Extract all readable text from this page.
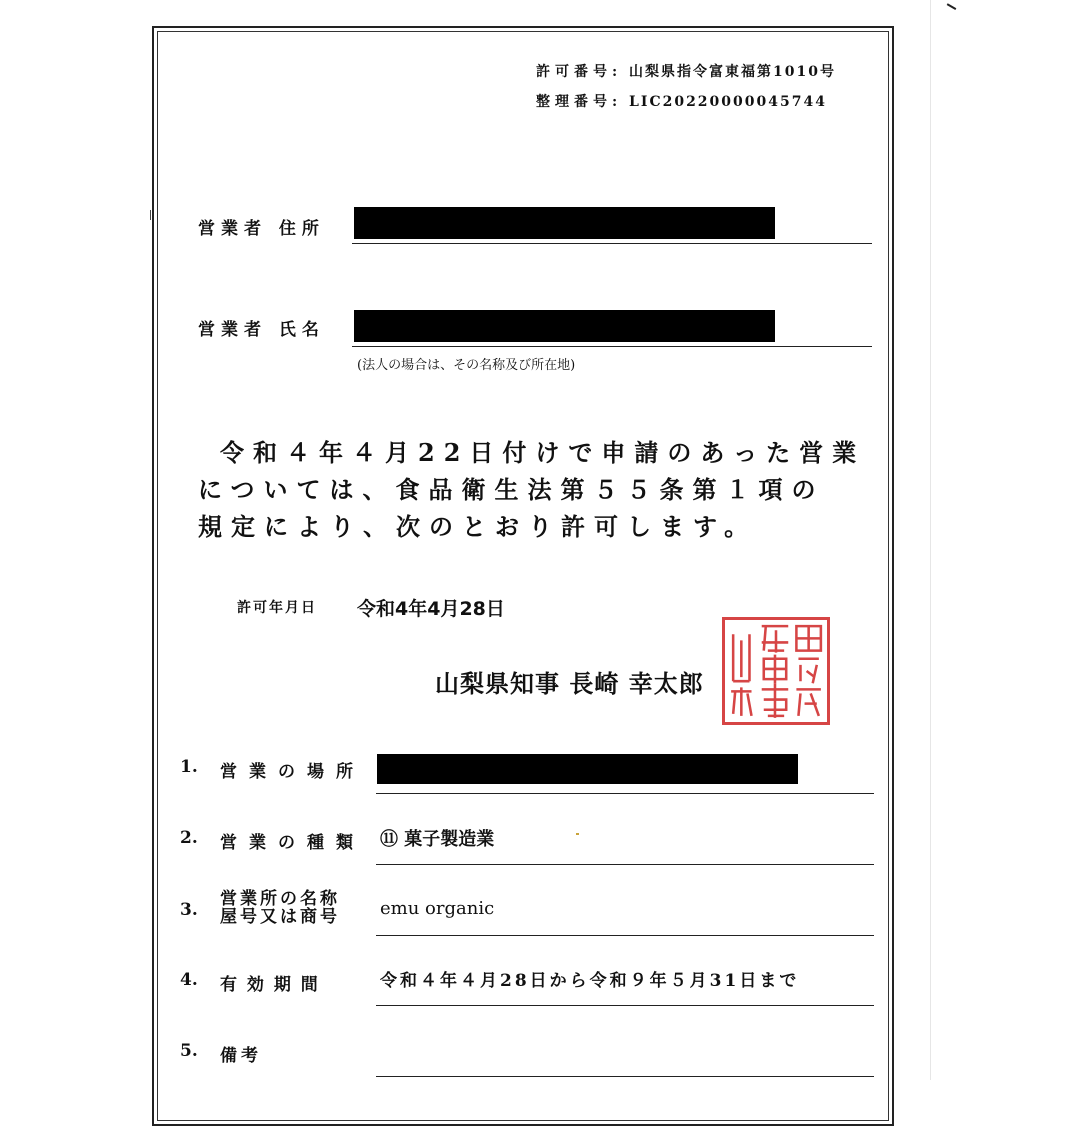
許可番号: 山梨県指令富東福第1010号
整理番号: LIC20220000045744
営業者 住所
営業者 氏名
(法人の場合は、その名称及び所在地)
令和４年４月22日付けで申請のあった営業
については、食品衛生法第５５条第１項の
規定により、次のとおり許可します。
許可年月日 令和4年4月28日
山梨県知事 長崎 幸太郎
1. 営業の場所
2. 営業の種類 ⑪ 菓子製造業
3.
営業所の名称
屋号又は商号	emu organic
4. 有 効 期 間	令和４年４月28日から令和９年５月31日まで
5. 備考
